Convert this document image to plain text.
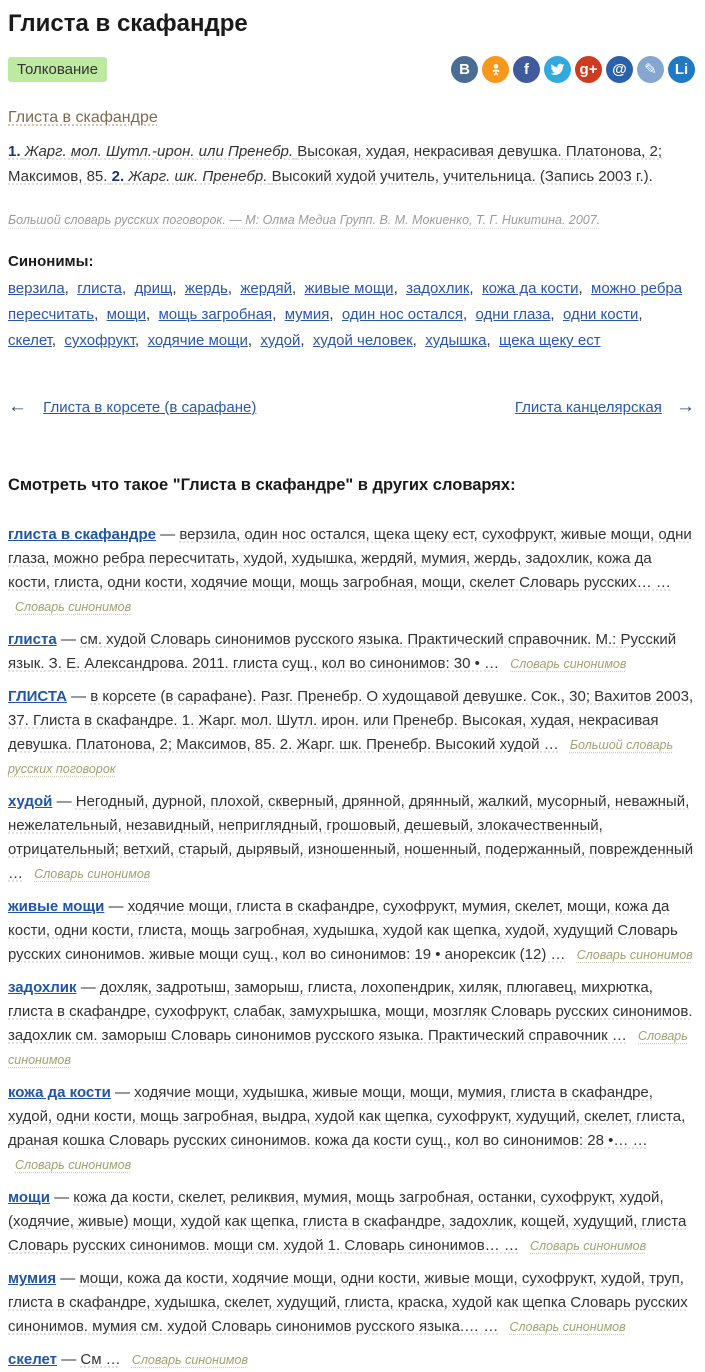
Глиста в скафандре
Толкование	В	f	g+ @ ✎ Li
Глиста в скафандре

1. Жарг. мол. Шутл.-ирон. или Пренебр. Высокая, худая, некрасивая девушка. Платонова, 2; Максимов, 85. 2. Жарг. шк. Пренебр. Высокий худой учитель, учительница. (Запись 2003 г.).

Большой словарь русских поговорок. — М: Олма Медиа Групп. В. М. Мокиенко, Т. Г. Никитина. 2007.
Синонимы:
верзила , глиста , дрищ , жердь , жердяй , живые мощи , задохлик , кожа да кости , можно ребра пересчитать , мощи , мощь загробная , мумия , один нос остался , одни глаза , одни кости ,  скелет , сухофрукт , ходячие мощи , худой , худой человек , худышка , щека щеку ест
← Глиста в корсете (в сарафане)	Глиста канцелярская →
Смотреть что такое "Глиста в скафандре" в других словарях:
глиста в скафандре — верзила, один нос остался, щека щеку ест, сухофрукт, живые мощи, одни глаза, можно ребра пересчитать, худой, худышка, жердяй, мумия, жердь, задохлик, кожа да кости, глиста, одни кости, ходячие мощи, мощь загробная, мощи, скелет Словарь русских… … Словарь синонимов
глиста — см. худой Словарь синонимов русского языка. Практический справочник. М.: Русский язык. З. Е. Александрова. 2011. глиста сущ., кол во синонимов: 30 • … Словарь синонимов
ГЛИСТА — в корсете (в сарафане). Разг. Пренебр. О худощавой девушке. Сок., 30; Вахитов 2003, 37. Глиста в скафандре. 1. Жарг. мол. Шутл. ирон. или Пренебр. Высокая, худая, некрасивая девушка. Платонова, 2; Максимов, 85. 2. Жарг. шк. Пренебр. Высокий худой … Большой словарь русских поговорок
худой — Негодный, дурной, плохой, скверный, дрянной, дрянный, жалкий, мусорный, неважный, нежелательный, незавидный, неприглядный, грошовый, дешевый, злокачественный, отрицательный; ветхий, старый, дырявый, изношенный, ношенный, подержанный, поврежденный … Словарь синонимов
живые мощи — ходячие мощи, глиста в скафандре, сухофрукт, мумия, скелет, мощи, кожа да кости, одни кости, глиста, мощь загробная, худышка, худой как щепка, худой, худущий Словарь русских синонимов. живые мощи сущ., кол во синонимов: 19 • анорексик (12) … Словарь синонимов
задохлик — дохляк, задротыш, заморыш, глиста, лохопендрик, хиляк, плюгавец, михрютка, глиста в скафандре, сухофрукт, слабак, замухрышка, мощи, мозгляк Словарь русских синонимов. задохлик см. заморыш Словарь синонимов русского языка. Практический справочник … Словарь синонимов
кожа да кости — ходячие мощи, худышка, живые мощи, мощи, мумия, глиста в скафандре, худой, одни кости, мощь загробная, выдра, худой как щепка, сухофрукт, худущий, скелет, глиста, драная кошка Словарь русских синонимов. кожа да кости сущ., кол во синонимов: 28 •… … Словарь синонимов
мощи — кожа да кости, скелет, реликвия, мумия, мощь загробная, останки, сухофрукт, худой, (ходячие, живые) мощи, худой как щепка, глиста в скафандре, задохлик, кощей, худущий, глиста Словарь русских синонимов. мощи см. худой 1. Словарь синонимов… … Словарь синонимов
мумия — мощи, кожа да кости, ходячие мощи, одни кости, живые мощи, сухофрукт, худой, труп, глиста в скафандре, худышка, скелет, худущий, глиста, краска, худой как щепка Словарь русских синонимов. мумия см. худой Словарь синонимов русского языка.… … Словарь синонимов
скелет — См … Словарь синонимов
